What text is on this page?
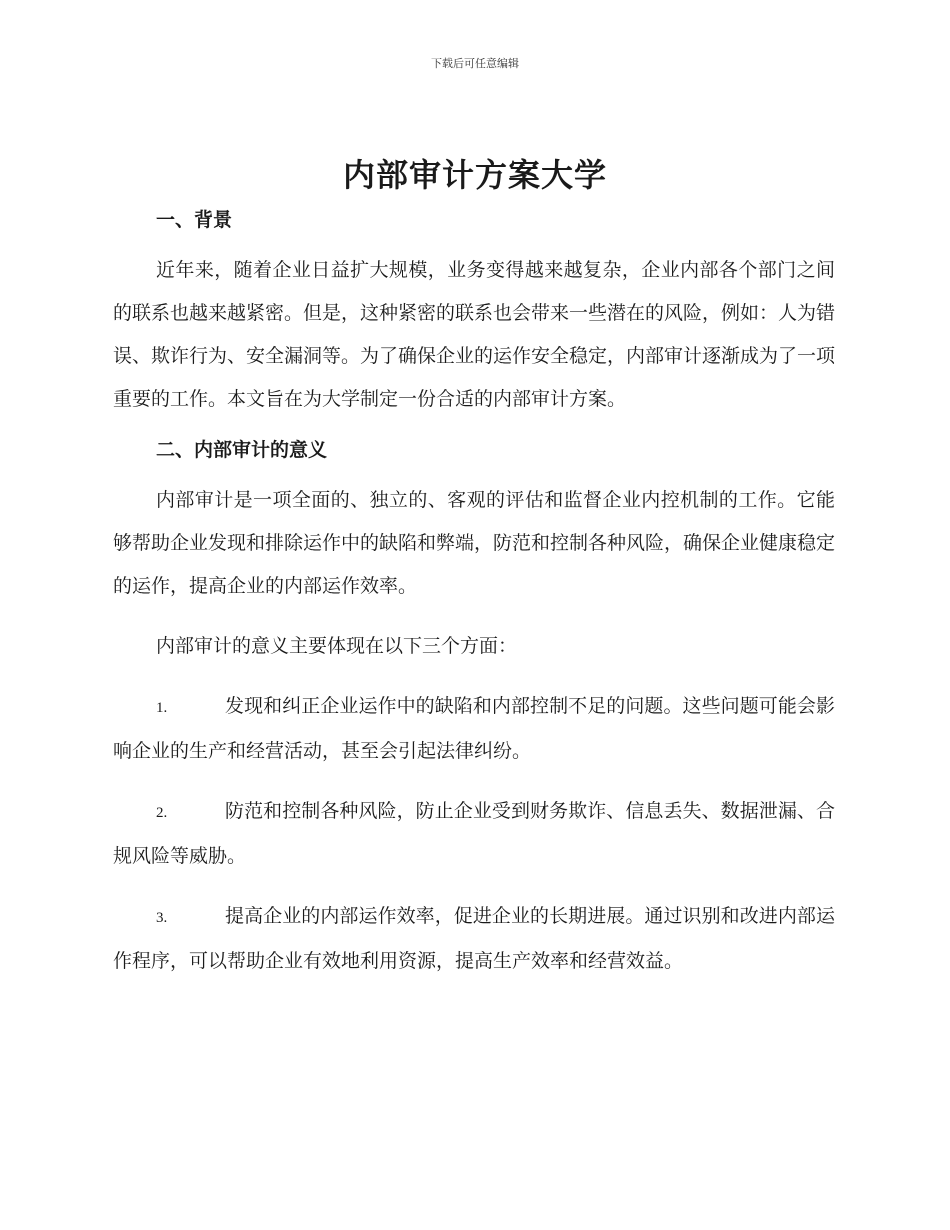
下载后可任意编辑
内部审计方案大学
一、背景

近年来，随着企业日益扩大规模，业务变得越来越复杂，企业内部各个部门之间的联系也越来越紧密。但是，这种紧密的联系也会带来一些潜在的风险，例如：人为错误、欺诈行为、安全漏洞等。为了确保企业的运作安全稳定，内部审计逐渐成为了一项重要的工作。本文旨在为大学制定一份合适的内部审计方案。

二、内部审计的意义

内部审计是一项全面的、独立的、客观的评估和监督企业内控机制的工作。它能够帮助企业发现和排除运作中的缺陷和弊端，防范和控制各种风险，确保企业健康稳定的运作，提高企业的内部运作效率。

内部审计的意义主要体现在以下三个方面：

1.	发现和纠正企业运作中的缺陷和内部控制不足的问题。这些问题可能会影响企业的生产和经营活动，甚至会引起法律纠纷。

2.	防范和控制各种风险，防止企业受到财务欺诈、信息丢失、数据泄漏、合规风险等威胁。

3.	提高企业的内部运作效率，促进企业的长期进展。通过识别和改进内部运作程序，可以帮助企业有效地利用资源，提高生产效率和经营效益。
